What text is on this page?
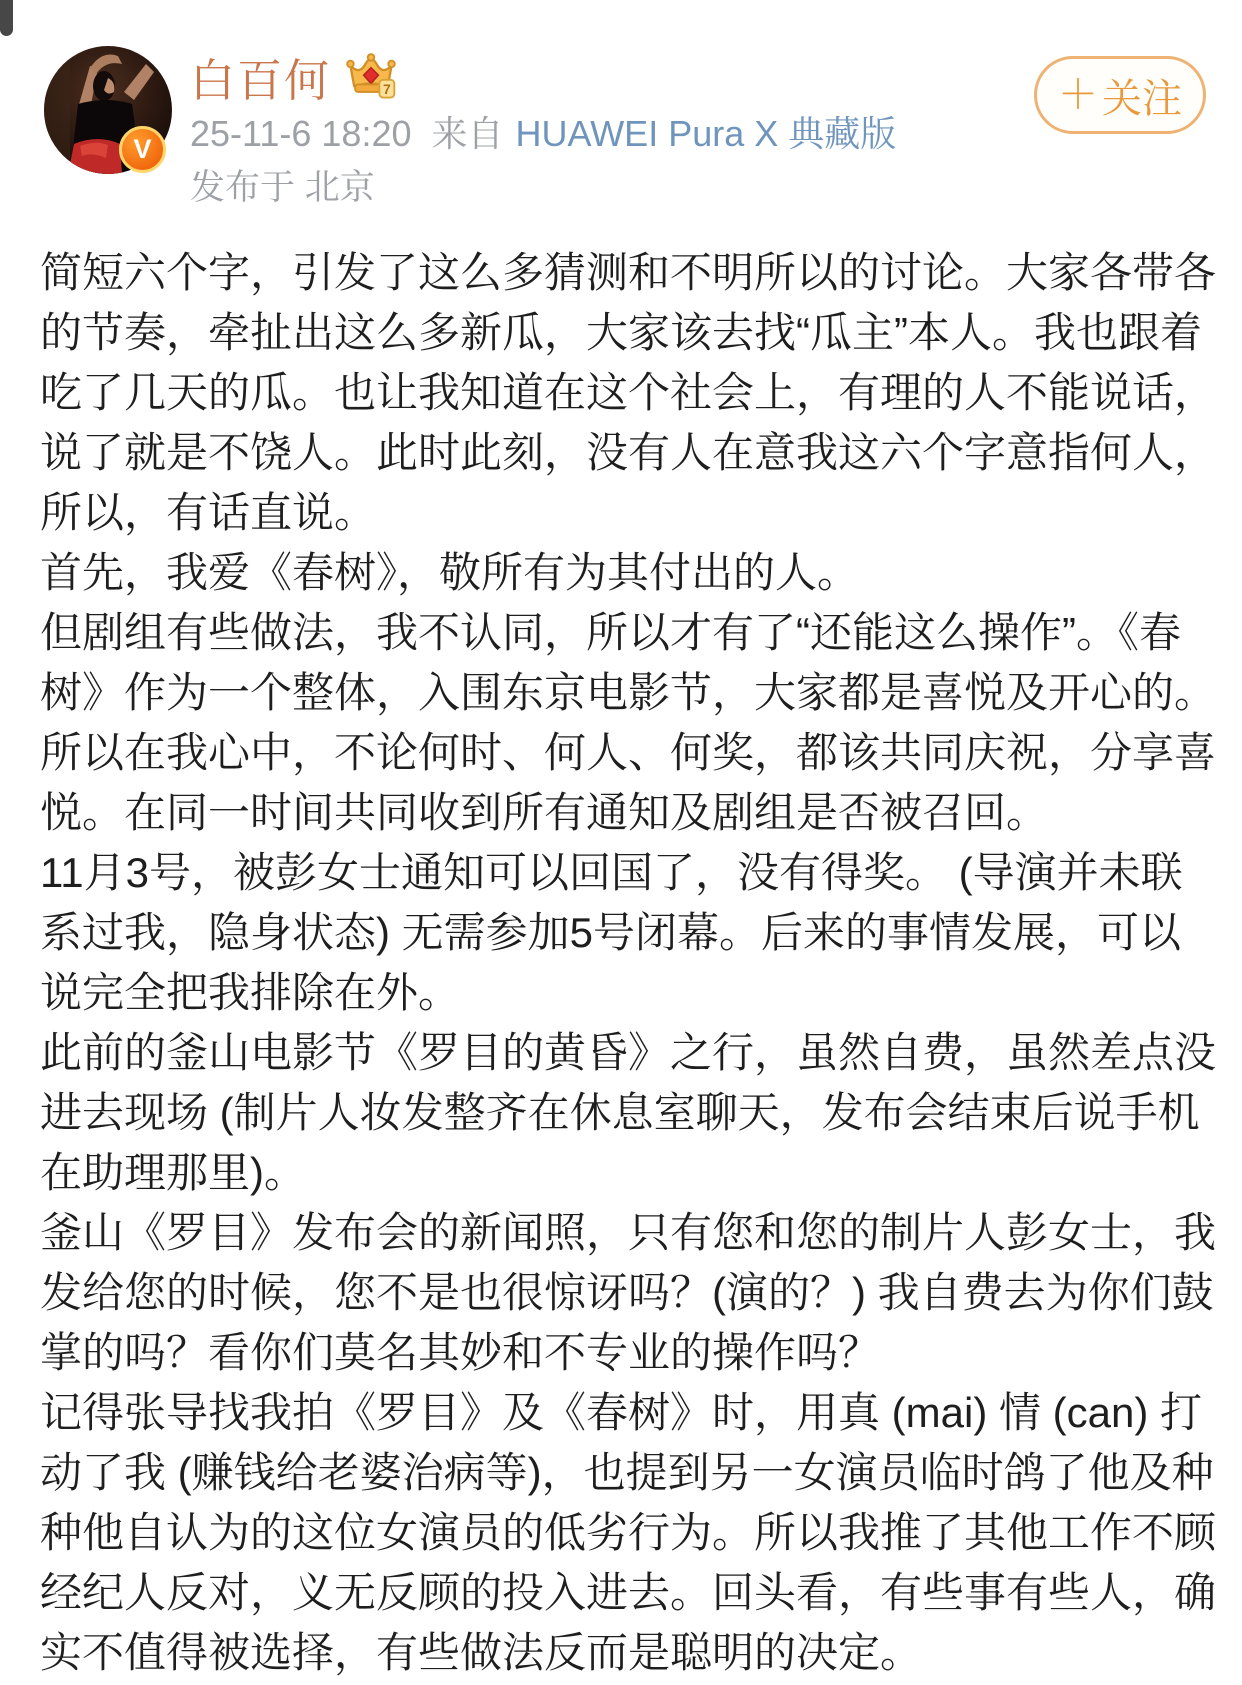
V
白百何	7
25-11-6 18:20 来自 HUAWEI Pura X 典藏版
发布于 北京
＋ 关注

简短六个字，引发了这么多猜测和不明所以的讨论。大家各带各的节奏，牵扯出这么多新瓜，大家该去找“瓜主”本人。我也跟着吃了几天的瓜。也让我知道在这个社会上，有理的人不能说话，说了就是不饶人。此时此刻，没有人在意我这六个字意指何人，所以，有话直说。

首先，我爱《春树》，敬所有为其付出的人。

但剧组有些做法，我不认同，所以才有了“还能这么操作”。《春树》作为一个整体，入围东京电影节，大家都是喜悦及开心的。所以在我心中，不论何时、何人、何奖，都该共同庆祝，分享喜悦。在同一时间共同收到所有通知及剧组是否被召回。

11月3号，被彭女士通知可以回国了，没有得奖。 (导演并未联系过我，隐身状态) 无需参加5号闭幕。后来的事情发展，可以说完全把我排除在外。

此前的釜山电影节《罗目的黄昏》之行，虽然自费，虽然差点没进去现场 (制片人妆发整齐在休息室聊天，发布会结束后说手机在助理那里)。

釜山《罗目》发布会的新闻照，只有您和您的制片人彭女士，我发给您的时候，您不是也很惊讶吗？(演的？) 我自费去为你们鼓掌的吗？看你们莫名其妙和不专业的操作吗？

记得张导找我拍《罗目》及《春树》时，用真 (mai) 情 (can) 打动了我 (赚钱给老婆治病等)，也提到另一女演员临时鸽了他及种种他自认为的这位女演员的低劣行为。所以我推了其他工作不顾经纪人反对，义无反顾的投入进去。回头看，有些事有些人，确实不值得被选择，有些做法反而是聪明的决定。
